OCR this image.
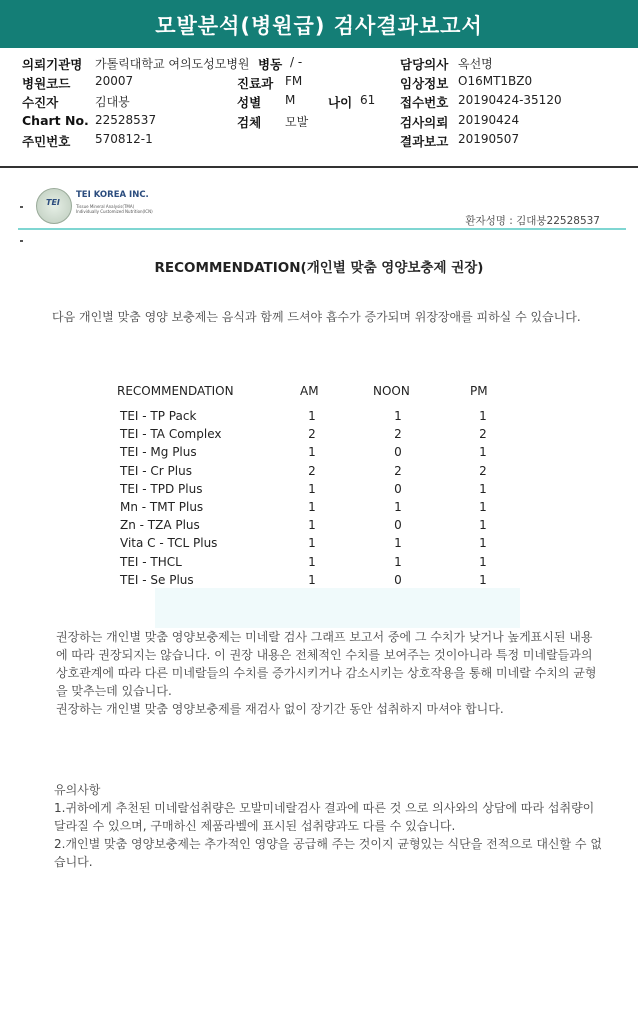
모발분석(병원급) 검사결과보고서
의뢰기관명 가톨릭대학교 여의도성모병원 병동 / -	담당의사 옥선명
병원코드 20007	진료과 FM	임상정보 O16MT1BZ0
수진자	김대붕	성별 M	나이 61 접수번호 20190424-35120
Chart No. 22528537	검체 모발	검사의뢰 20190424
주민번호 570812-1	결과보고 20190507
TEI
TEI KOREA INC.
Tissue Mineral Analysis(TMA)
Individually Customized Nutrition(ICN)
환자성명 : 김대붕22528537
RECOMMENDATION(개인별 맞춤 영양보충제 권장)
다음 개인별 맞춤 영양 보충제는 음식과 함께 드셔야 흡수가 증가되며 위장장애를 피하실 수 있습니다.
RECOMMENDATION	AM	NOON	PM
TEI - TP Pack	1	1	1
TEI - TA Complex	2	2	2
TEI - Mg Plus	1	0	1
TEI - Cr Plus	2	2	2
TEI - TPD Plus	1	0	1
Mn - TMT Plus	1	1	1
Zn - TZA Plus	1	0	1
Vita C - TCL Plus	1	1	1
TEI - THCL	1	1	1
TEI - Se Plus	1	0	1
권장하는 개인별 맞춤 영양보충제는 미네랄 검사 그래프 보고서 중에 그 수치가 낮거나 높게표시된 내용에 따라 권장되지는 않습니다. 이 권장 내용은 전체적인 수치를 보여주는 것이아니라 특정 미네랄들과의 상호관계에 따라 다른 미네랄들의 수치를 증가시키거나 감소시키는 상호작용을 통해 미네랄 수치의 균형을 맞추는데 있습니다.
권장하는 개인별 맞춤 영양보충제를 재검사 없이 장기간 동안 섭취하지 마셔야 합니다.
유의사항
1.귀하에게 추천된 미네랄섭취량은 모발미네랄검사 결과에 따른 것 으로 의사와의 상담에 따라 섭취량이 달라질 수 있으며, 구매하신 제품라벨에 표시된 섭취량과도 다를 수 있습니다.
2.개인별 맞춤 영양보충제는 추가적인 영양을 공급해 주는 것이지 균형있는 식단을 전적으로 대신할 수 없습니다.
